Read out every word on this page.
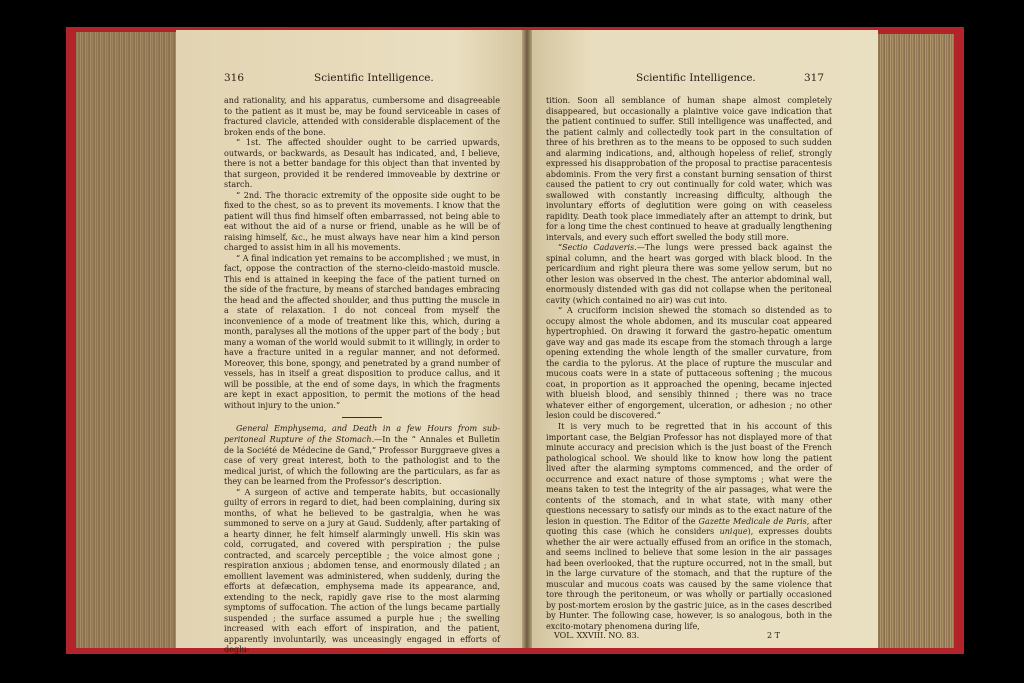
316	Scientific Intelligence.

and rationality, and his apparatus, cumbersome and disagreeable to the patient as it must be, may be found serviceable in cases of fractured clavicle, attended with considerable displacement of the broken ends of the bone.

“ 1st. The affected shoulder ought to be carried upwards, outwards, or backwards, as Desault has indicated, and, I believe, there is not a better bandage for this object than that invented by that surgeon, provided it be rendered immoveable by dextrine or starch.

“ 2nd. The thoracic extremity of the opposite side ought to be fixed to the chest, so as to prevent its movements. I know that the patient will thus find himself often embarrassed, not being able to eat without the aid of a nurse or friend, unable as he will be of raising himself, &c., he must always have near him a kind person charged to assist him in all his movements.

“ A final indication yet remains to be accomplished ; we must, in fact, oppose the contraction of the sterno-cleido-mastoid muscle. This end is attained in keeping the face of the patient turned on the side of the fracture, by means of starched bandages embracing the head and the affected shoulder, and thus putting the muscle in a state of relaxation. I do not conceal from myself the inconvenience of a mode of treatment like this, which, during a month, paralyses all the motions of the upper part of the body ; but many a woman of the world would submit to it willingly, in order to have a fracture united in a regular manner, and not deformed. Moreover, this bone, spongy, and penetrated by a grand number of vessels, has in itself a great disposition to produce callus, and it will be possible, at the end of some days, in which the fragments are kept in exact apposition, to permit the motions of the head without injury to the union.”

General Emphysema, and Death in a few Hours from sub-peritoneal Rupture of the Stomach.—In the “ Annales et Bulletin de la Société de Médecine de Gand,” Professor Burggraeve gives a case of very great interest, both to the pathologist and to the medical jurist, of which the following are the particulars, as far as they can be learned from the Professor’s description.

“ A surgeon of active and temperate habits, but occasionally guilty of errors in regard to diet, had been complaining, during six months, of what he believed to be gastralgia, when he was summoned to serve on a jury at Gaud. Suddenly, after partaking of a hearty dinner, he felt himself alarmingly unwell. His skin was cold, corrugated, and covered with perspiration ; the pulse contracted, and scarcely perceptible ; the voice almost gone ; respiration anxious ; abdomen tense, and enormously dilated ; an emollient lavement was administered, when suddenly, during the efforts at defæcation, emphysema made its appearance, and, extending to the neck, rapidly gave rise to the most alarming symptoms of suffocation. The action of the lungs became partially suspended ; the surface assumed a purple hue ; the swelling increased with each effort of inspiration, and the patient, apparently involuntarily, was unceasingly engaged in efforts of deglu-

Scientific Intelligence.	317

tition. Soon all semblance of human shape almost completely disappeared, but occasionally a plaintive voice gave indication that the patient continued to suffer. Still intelligence was unaffected, and the patient calmly and collectedly took part in the consultation of three of his brethren as to the means to be opposed to such sudden and alarming indications, and, although hopeless of relief, strongly expressed his disapprobation of the proposal to practise paracentesis abdominis. From the very first a constant burning sensation of thirst caused the patient to cry out continually for cold water, which was swallowed with constantly increasing difficulty, although the involuntary efforts of deglutition were going on with ceaseless rapidity. Death took place immediately after an attempt to drink, but for a long time the chest continued to heave at gradually lengthening intervals, and every such effort swelled the body still more.

“Sectio Cadaveris.—The lungs were pressed back against the spinal column, and the heart was gorged with black blood. In the pericardium and right pleura there was some yellow serum, but no other lesion was observed in the chest. The anterior abdominal wall, enormously distended with gas did not collapse when the peritoneal cavity (which contained no air) was cut into.

“ A cruciform incision shewed the stomach so distended as to occupy almost the whole abdomen, and its muscular coat appeared hypertrophied. On drawing it forward the gastro-hepatic omentum gave way and gas made its escape from the stomach through a large opening extending the whole length of the smaller curvature, from the cardia to the pylorus. At the place of rupture the muscular and mucous coats were in a state of puttaceous softening ; the mucous coat, in proportion as it approached the opening, became injected with blueish blood, and sensibly thinned ; there was no trace whatever either of engorgement, ulceration, or adhesion ; no other lesion could be discovered.”

It is very much to be regretted that in his account of this important case, the Belgian Professor has not displayed more of that minute accuracy and precision which is the just boast of the French pathological school. We should like to know how long the patient lived after the alarming symptoms commenced, and the order of occurrence and exact nature of those symptoms ; what were the means taken to test the integrity of the air passages, what were the contents of the stomach, and in what state, with many other questions necessary to satisfy our minds as to the exact nature of the lesion in question. The Editor of the Gazette Medicale de Paris, after quoting this case (which he considers unique), expresses doubts whether the air were actually effused from an orifice in the stomach, and seems inclined to believe that some lesion in the air passages had been overlooked, that the rupture occurred, not in the small, but in the large curvature of the stomach, and that the rupture of the muscular and mucous coats was caused by the same violence that tore through the peritoneum, or was wholly or partially occasioned by post-mortem erosion by the gastric juice, as in the cases described by Hunter. The following case, however, is so analogous, both in the excito-motary phenomena during life,

VOL. XXVIII. NO. 83.	2 T
